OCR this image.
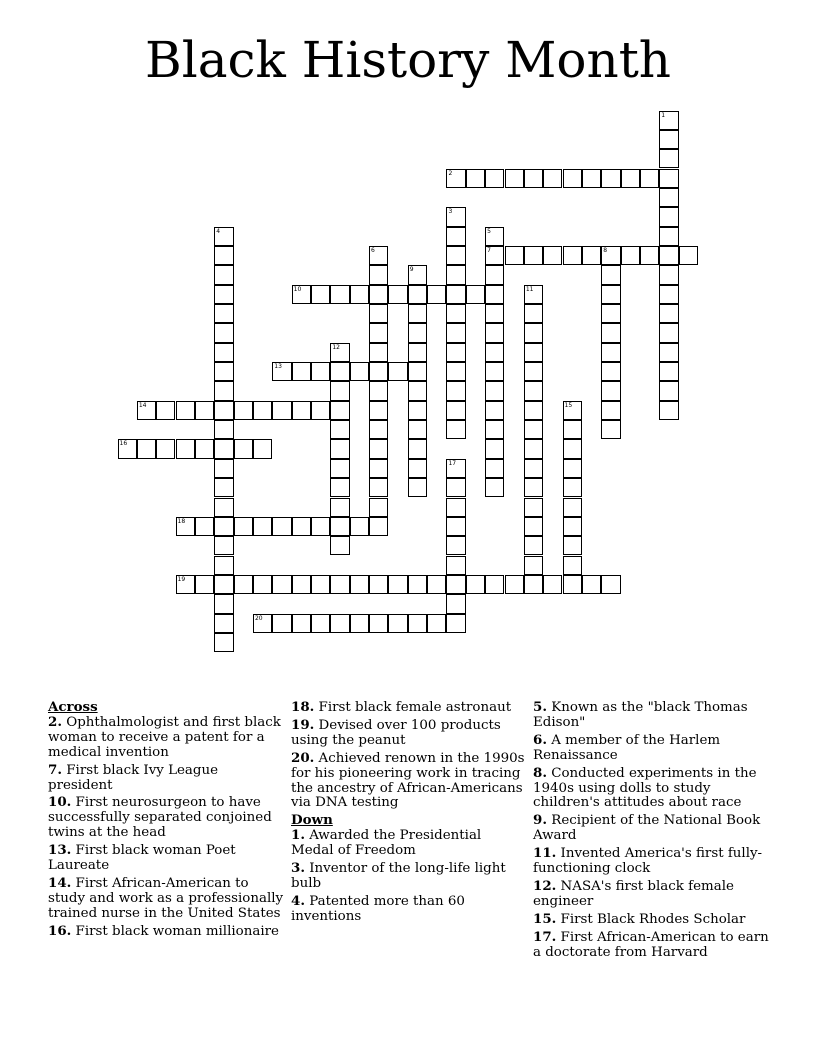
Black History Month
1
2
3
4	5
7
6	8
9
10	11
12
13
14	15
16
17
18
19
20
Across
2. Ophthalmologist and first black woman to receive a patent for a medical invention
7. First black Ivy League president
10. First neurosurgeon to have successfully separated conjoined twins at the head
13. First black woman Poet Laureate
14. First African-American to study and work as a professionally trained nurse in the United States
16. First black woman millionaire
18. First black female astronaut
19. Devised over 100 products using the peanut
20. Achieved renown in the 1990s for his pioneering work in tracing the ancestry of African-Americans via DNA testing
Down
1. Awarded the Presidential Medal of Freedom
3. Inventor of the long-life light bulb
4. Patented more than 60 inventions
5. Known as the "black Thomas Edison"
6. A member of the Harlem Renaissance
8. Conducted experiments in the 1940s using dolls to study children's attitudes about race
9. Recipient of the National Book Award
11. Invented America's first fully-functioning clock
12. NASA's first black female engineer
15. First Black Rhodes Scholar
17. First African-American to earn a doctorate from Harvard
